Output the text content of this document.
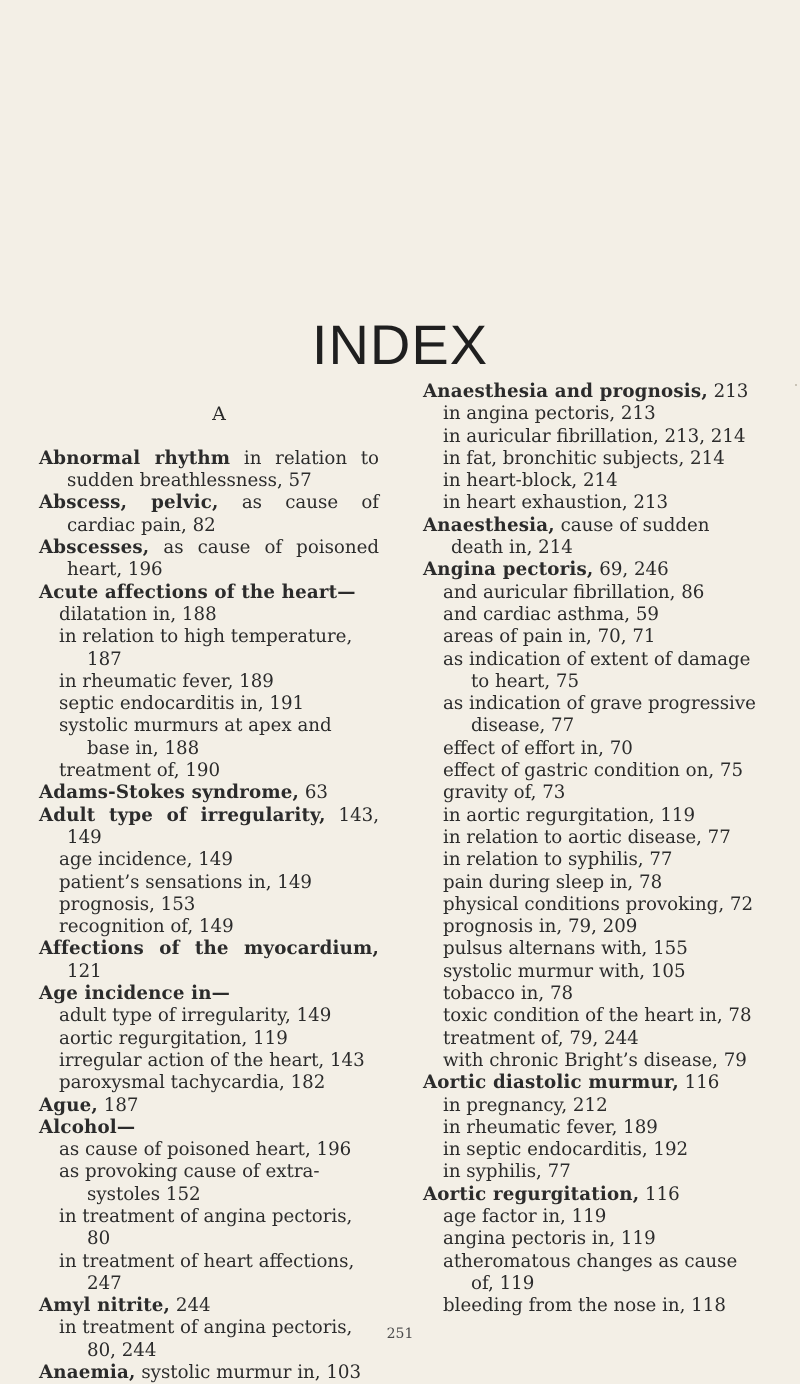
INDEX
A

Abnormal rhythm in relation to sudden breathlessness, 57

Abscess, pelvic, as cause of cardiac pain, 82

Abscesses, as cause of poisoned heart, 196

Acute affections of the heart—

dilatation in, 188

in relation to high temperature, 187

in rheumatic fever, 189

septic endocarditis in, 191

systolic murmurs at apex and base in, 188

treatment of, 190

Adams-Stokes syndrome, 63

Adult type of irregularity, 143, 149

age incidence, 149

patient’s sensations in, 149

prognosis, 153

recognition of, 149

Affections of the myocardium, 121

Age incidence in—

adult type of irregularity, 149

aortic regurgitation, 119

irregular action of the heart, 143

paroxysmal tachycardia, 182

Ague, 187

Alcohol—

as cause of poisoned heart, 196

as provoking cause of extra-systoles 152

in treatment of angina pectoris, 80

in treatment of heart affections, 247

Amyl nitrite, 244

in treatment of angina pectoris, 80, 244

Anaemia, systolic murmur in, 103

Anaesthesia and prognosis, 213

in angina pectoris, 213

in auricular fibrillation, 213, 214

in fat, bronchitic subjects, 214

in heart-block, 214

in heart exhaustion, 213

Anaesthesia, cause of sudden death in, 214

Angina pectoris, 69, 246

and auricular fibrillation, 86

and cardiac asthma, 59

areas of pain in, 70, 71

as indication of extent of damage to heart, 75

as indication of grave progressive disease, 77

effect of effort in, 70

effect of gastric condition on, 75

gravity of, 73

in aortic regurgitation, 119

in relation to aortic disease, 77

in relation to syphilis, 77

pain during sleep in, 78

physical conditions provoking, 72

prognosis in, 79, 209

pulsus alternans with, 155

systolic murmur with, 105

tobacco in, 78

toxic condition of the heart in, 78

treatment of, 79, 244

with chronic Bright’s disease, 79

Aortic diastolic murmur, 116

in pregnancy, 212

in rheumatic fever, 189

in septic endocarditis, 192

in syphilis, 77

Aortic regurgitation, 116

age factor in, 119

angina pectoris in, 119

atheromatous changes as cause of, 119

bleeding from the nose in, 118

251
